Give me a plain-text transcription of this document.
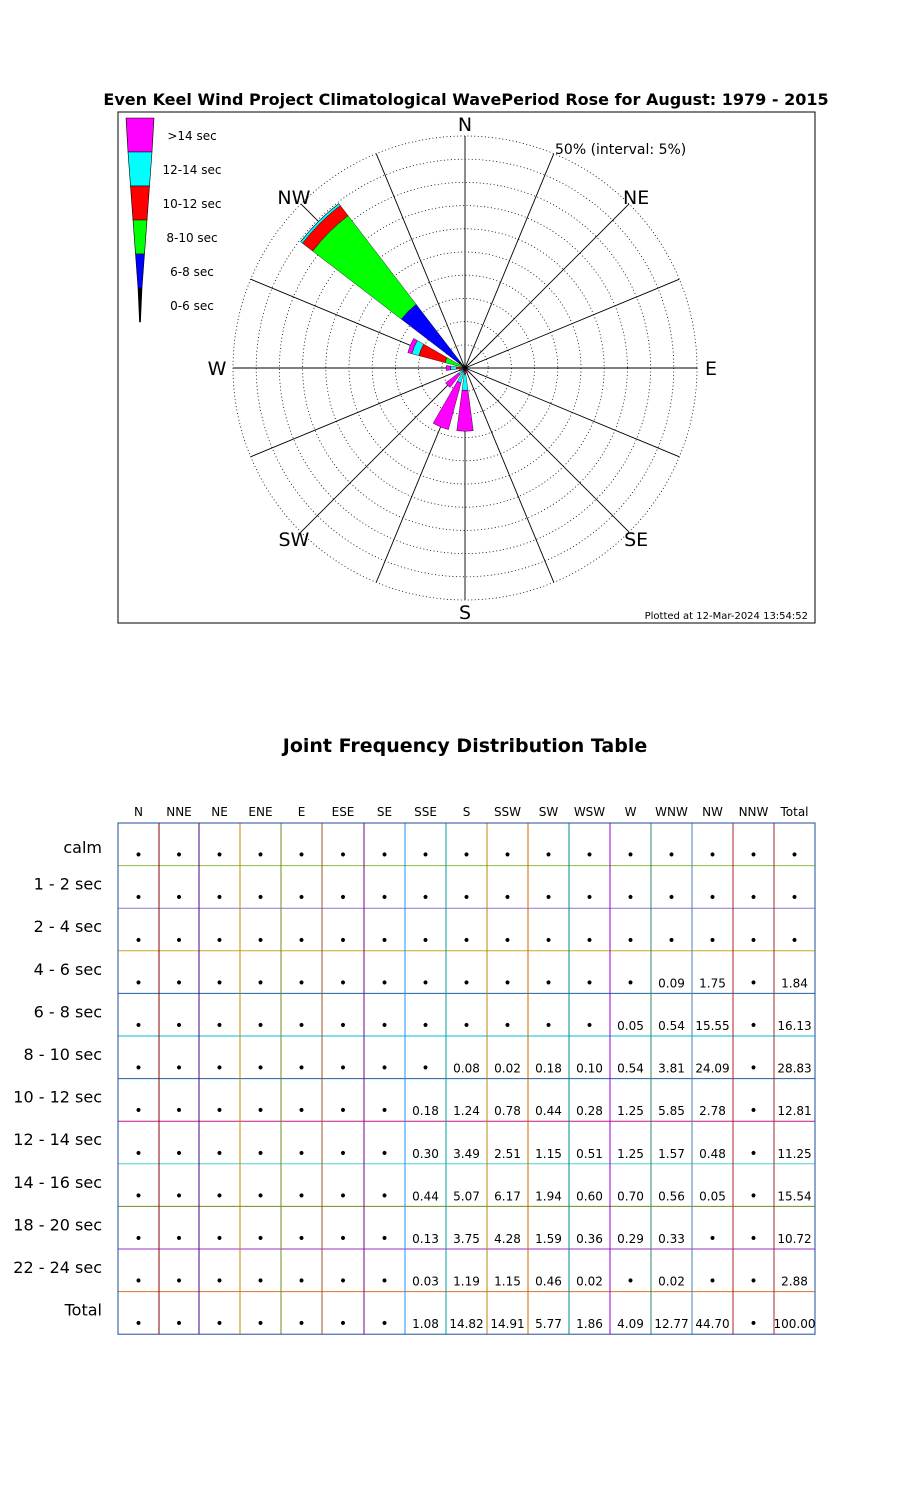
Even Keel Wind Project Climatological WavePeriod Rose for August: 1979 - 2015
N
NE
E
SE
S
SW
W
NW
50% (interval: 5%)
>14 sec
12-14 sec
10-12 sec
8-10 sec
6-8 sec
0-6 sec
Plotted at 12-Mar-2024 13:54:52
Joint Frequency Distribution Table
N NNE NE ENE E ESE SE SSE S SSW SW WSW W WNW NW NNW Total
calm
1 - 2 sec
2 - 4 sec
4 - 6 sec
6 - 8 sec
8 - 10 sec
10 - 12 sec
12 - 14 sec
14 - 16 sec
18 - 20 sec
22 - 24 sec
Total
• • • • • • • • • • • • • • • • •
• • • • • • • • • • • • • • • • •
• • • • • • • • • • • • • • • • •
• • • • • • • • • • • • • 0.09 1.75 • 1.84
• • • • • • • • • • • • 0.05 0.54 15.55 • 16.13
• • • • • • • • 0.08 0.02 0.18 0.10 0.54 3.81 24.09 • 28.83
• • • • • • • 0.18 1.24 0.78 0.44 0.28 1.25 5.85 2.78 • 12.81
• • • • • • • 0.30 3.49 2.51 1.15 0.51 1.25 1.57 0.48 • 11.25
• • • • • • • 0.44 5.07 6.17 1.94 0.60 0.70 0.56 0.05 • 15.54
• • • • • • • 0.13 3.75 4.28 1.59 0.36 0.29 0.33 • • 10.72
• • • • • • • 0.03 1.19 1.15 0.46 0.02 • 0.02 • • 2.88
• • • • • • • 1.08 14.82 14.91 5.77 1.86 4.09 12.77 44.70 • 100.00
